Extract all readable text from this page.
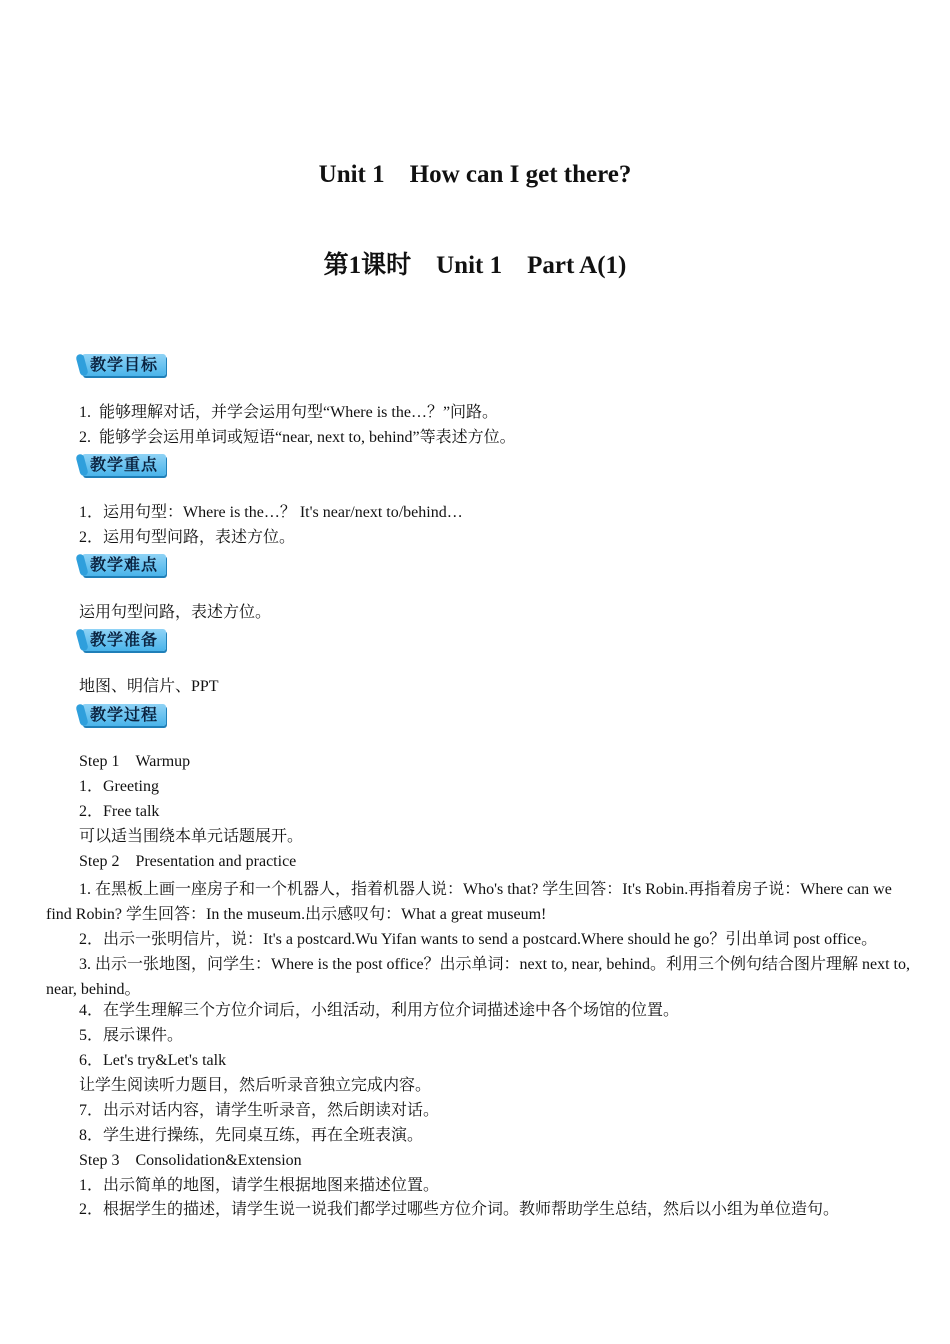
Unit 1　How can I get there?
第1课时　Unit 1　Part A(1)
教学目标
1.  能够理解对话，并学会运用句型“Where is the…？”问路。
2.  能够学会运用单词或短语“near, next to, behind”等表述方位。
教学重点
1．运用句型：Where is the…？ It's near/next to/behind…
2．运用句型问路，表述方位。
教学难点
运用句型问路，表述方位。
教学准备
地图、明信片、PPT
教学过程
Step 1　Warmup
1．Greeting
2．Free talk
可以适当围绕本单元话题展开。
Step 2　Presentation and practice
1. 在黑板上画一座房子和一个机器人，指着机器人说：Who's that? 学生回答：It's Robin.再指着房子说：Where can we find Robin? 学生回答：In the museum.出示感叹句：What a great museum!
2．出示一张明信片，说：It's a postcard.Wu Yifan wants to send a postcard.Where should he go？引出单词 post office。
3. 出示一张地图，问学生：Where is the post office？出示单词：next to, near, behind。利用三个例句结合图片理解 next to, near, behind。
4．在学生理解三个方位介词后，小组活动，利用方位介词描述途中各个场馆的位置。
5．展示课件。
6．Let's try&Let's talk
让学生阅读听力题目，然后听录音独立完成内容。
7．出示对话内容，请学生听录音，然后朗读对话。
8．学生进行操练，先同桌互练，再在全班表演。
Step 3　Consolidation&Extension
1．出示简单的地图，请学生根据地图来描述位置。
2．根据学生的描述，请学生说一说我们都学过哪些方位介词。教师帮助学生总结，然后以小组为单位造句。
